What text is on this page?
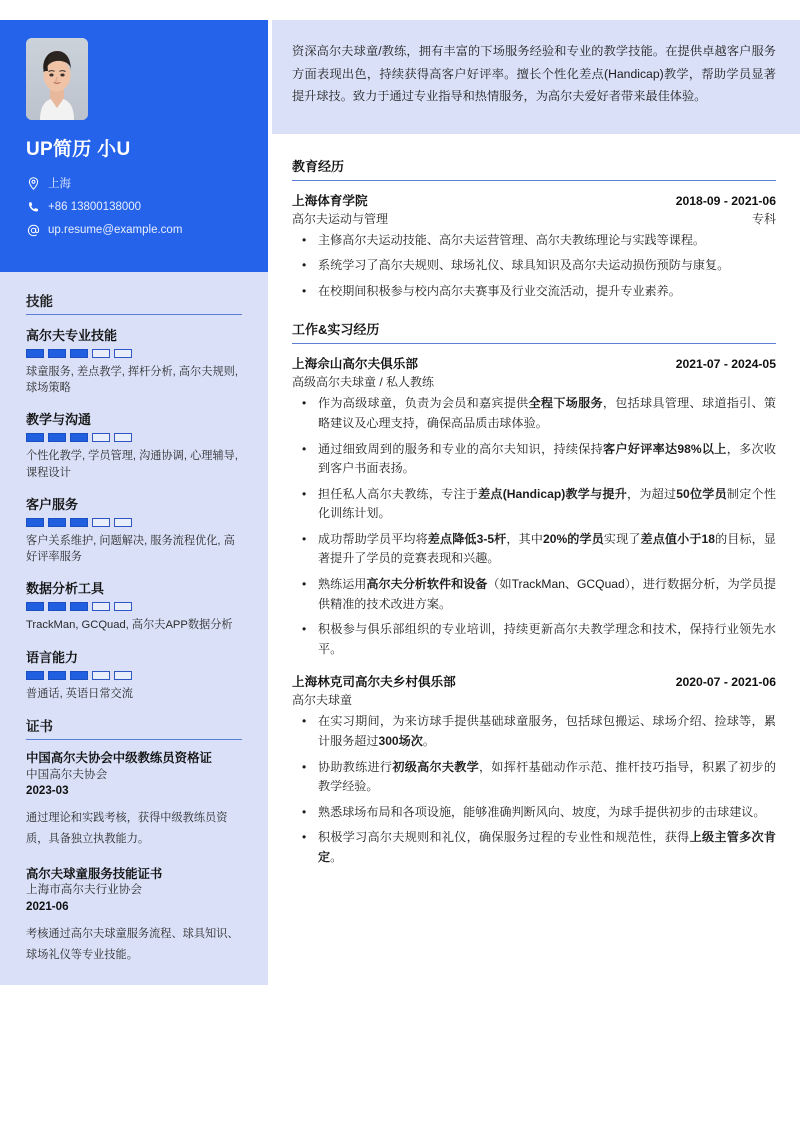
UP简历 小U
上海
+86 13800138000
up.resume@example.com
技能
高尔夫专业技能
球童服务, 差点教学, 挥杆分析, 高尔夫规则, 球场策略
教学与沟通
个性化教学, 学员管理, 沟通协调, 心理辅导, 课程设计
客户服务
客户关系维护, 问题解决, 服务流程优化, 高好评率服务
数据分析工具
TrackMan, GCQuad, 高尔夫APP数据分析
语言能力
普通话, 英语日常交流
证书
中国高尔夫协会中级教练员资格证
中国高尔夫协会
2023-03
通过理论和实践考核，获得中级教练员资质，具备独立执教能力。
高尔夫球童服务技能证书
上海市高尔夫行业协会
2021-06
考核通过高尔夫球童服务流程、球具知识、球场礼仪等专业技能。
资深高尔夫球童/教练，拥有丰富的下场服务经验和专业的教学技能。在提供卓越客户服务方面表现出色，持续获得高客户好评率。擅长个性化差点(Handicap)教学，帮助学员显著提升球技。致力于通过专业指导和热情服务，为高尔夫爱好者带来最佳体验。
教育经历
上海体育学院	2018-09 - 2021-06
高尔夫运动与管理	专科
• 主修高尔夫运动技能、高尔夫运营管理、高尔夫教练理论与实践等课程。
• 系统学习了高尔夫规则、球场礼仪、球具知识及高尔夫运动损伤预防与康复。
• 在校期间积极参与校内高尔夫赛事及行业交流活动，提升专业素养。
工作&实习经历
上海佘山高尔夫俱乐部	2021-07 - 2024-05
高级高尔夫球童 / 私人教练
• 作为高级球童，负责为会员和嘉宾提供全程下场服务，包括球具管理、球道指引、策略建议及心理支持，确保高品质击球体验。
• 通过细致周到的服务和专业的高尔夫知识，持续保持客户好评率达98%以上，多次收到客户书面表扬。
• 担任私人高尔夫教练，专注于差点(Handicap)教学与提升，为超过50位学员制定个性化训练计划。
• 成功帮助学员平均将差点降低3-5杆，其中20%的学员实现了差点值小于18的目标，显著提升了学员的竞赛表现和兴趣。
• 熟练运用高尔夫分析软件和设备（如TrackMan、GCQuad），进行数据分析，为学员提供精准的技术改进方案。
• 积极参与俱乐部组织的专业培训，持续更新高尔夫教学理念和技术，保持行业领先水平。
上海林克司高尔夫乡村俱乐部	2020-07 - 2021-06
高尔夫球童
• 在实习期间，为来访球手提供基础球童服务，包括球包搬运、球场介绍、捡球等，累计服务超过300场次。
• 协助教练进行初级高尔夫教学，如挥杆基础动作示范、推杆技巧指导，积累了初步的教学经验。
• 熟悉球场布局和各项设施，能够准确判断风向、坡度，为球手提供初步的击球建议。
• 积极学习高尔夫规则和礼仪，确保服务过程的专业性和规范性，获得上级主管多次肯定。
